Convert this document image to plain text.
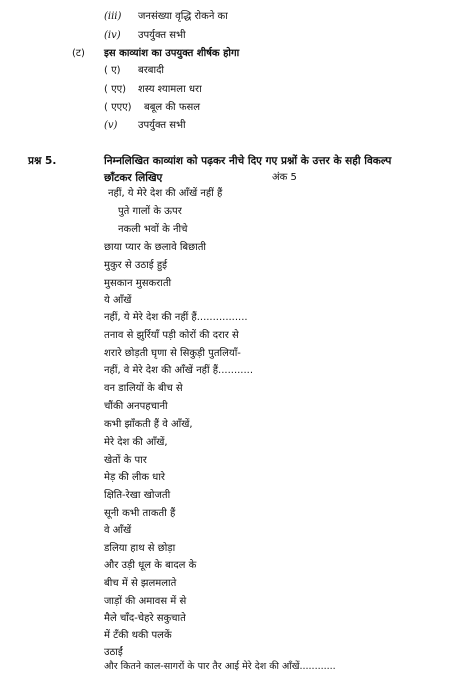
(iii) जनसंख्या वृद्धि रोकने का
(iv) उपर्युक्त सभी
(ट) इस काव्यांश का उपयुक्त शीर्षक होगा
( ए) बरबादी
( एए) शस्य श्यामला धरा
( एएए) बबूल की फसल
(v) उपर्युक्त सभी
प्रश्न 5.	निम्नलिखित काव्यांश को पढ़कर नीचे दिए गए प्रश्नों के उत्तर के सही विकल्प
छाँटकर लिखिए	अंक 5
नहीं, ये मेरे देश की आँखें नहीं हैं
पुते गालों के ऊपर
नकली भवों के नीचे
छाया प्यार के छलावे बिछाती
मुकुर से उठाई हुई
मुसकान मुसकराती
ये आँखें
नहीं, ये मेरे देश की नहीं हैं................
तनाव से झुर्रियाँ पड़ी कोरों की दरार से
शरारे छोड़ती घृणा से सिकुड़ी पुतलियाँ-
नहीं, वे मेरे देश की आँखें नहीं हैं...........
वन डालियों के बीच से
चौंकी अनपहचानी
कभी झाँकती हैं वे आँखें,
मेरे देश की आँखें,
खेतों के पार
मेड़ की लीक धारे
क्षिति-रेखा खोजती
सूनी कभी ताकती हैं
वे आँखें
डलिया हाथ से छोड़ा
और उड़ी धूल के बादल के
बीच में से झलमलाते
जाड़ों की अमावस में से
मैले चाँद-चेहरे सकुचाते
में टँकी थकी पलकें
उठाईं
और कितने काल-सागरों के पार तैर आई मेरे देश की आँखें............
